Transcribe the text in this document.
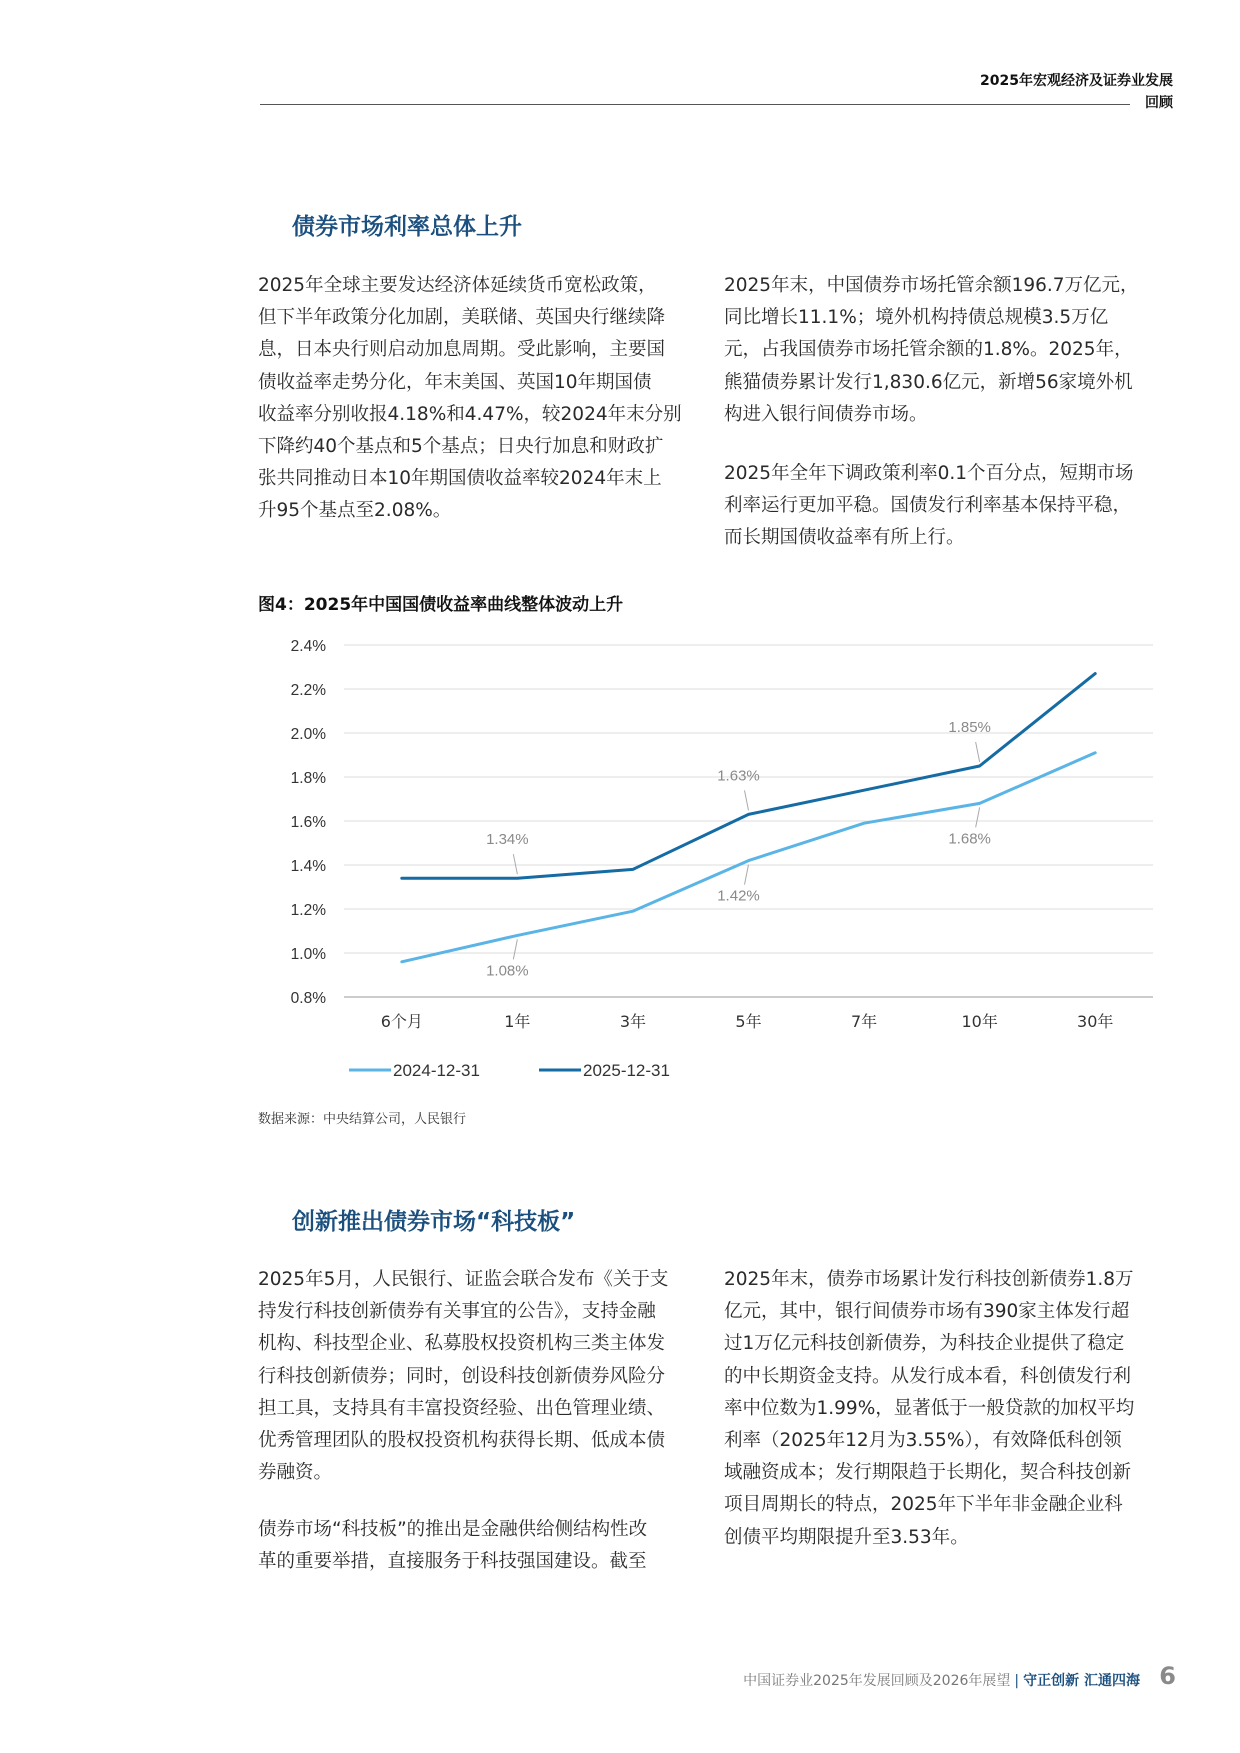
2025年宏观经济及证券业发展
回顾
债券市场利率总体上升
2025年全球主要发达经济体延续货币宽松政策，
但下半年政策分化加剧，美联储、英国央行继续降
息，日本央行则启动加息周期。受此影响，主要国
债收益率走势分化，年末美国、英国10年期国债
收益率分别收报4.18%和4.47%，较2024年末分别
下降约40个基点和5个基点；日央行加息和财政扩
张共同推动日本10年期国债收益率较2024年末上
升95个基点至2.08%。
2025年末，中国债券市场托管余额196.7万亿元，
同比增长11.1%；境外机构持债总规模3.5万亿
元，占我国债券市场托管余额的1.8%。2025年，
熊猫债券累计发行1,830.6亿元，新增56家境外机
构进入银行间债券市场。
2025年全年下调政策利率0.1个百分点，短期市场
利率运行更加平稳。国债发行利率基本保持平稳，
而长期国债收益率有所上行。
图4：2025年中国国债收益率曲线整体波动上升
0.8%
1.0%
1.2%
1.4%
1.6%
1.8%
2.0%
2.2%
2.4%
6个月	1年	3年	5年	7年	10年	30年
1.34%
1.63%
1.85%
1.08%
1.42%
1.68%
2024-12-31	2025-12-31
数据来源：中央结算公司，人民银行
创新推出债券市场“科技板”
2025年5月，人民银行、证监会联合发布《关于支
持发行科技创新债券有关事宜的公告》，支持金融
机构、科技型企业、私募股权投资机构三类主体发
行科技创新债券；同时，创设科技创新债券风险分
担工具，支持具有丰富投资经验、出色管理业绩、
优秀管理团队的股权投资机构获得长期、低成本债
券融资。
债券市场“科技板”的推出是金融供给侧结构性改
革的重要举措，直接服务于科技强国建设。截至
2025年末，债券市场累计发行科技创新债券1.8万
亿元，其中，银行间债券市场有390家主体发行超
过1万亿元科技创新债券，为科技企业提供了稳定
的中长期资金支持。从发行成本看，科创债发行利
率中位数为1.99%，显著低于一般贷款的加权平均
利率（2025年12月为3.55%），有效降低科创领
域融资成本；发行期限趋于长期化，契合科技创新
项目周期长的特点，2025年下半年非金融企业科
创债平均期限提升至3.53年。
中国证券业2025年发展回顾及2026年展望 | 守正创新 汇通四海 6
